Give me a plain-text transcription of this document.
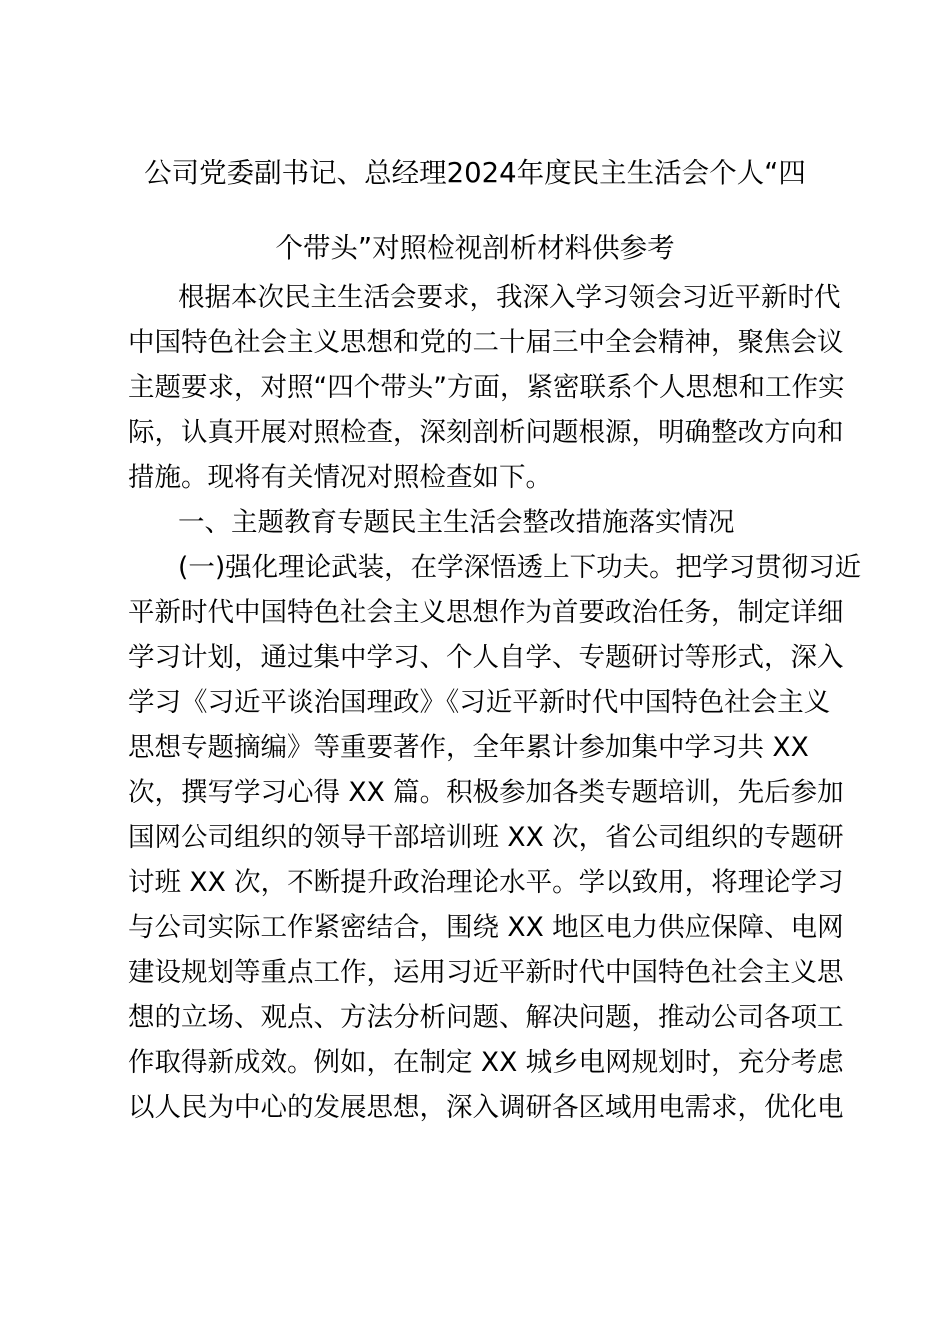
公司党委副书记、总经理2024年度民主生活会个人“四
个带头”对照检视剖析材料供参考
根据本次民主生活会要求，我深入学习领会习近平新时代
中国特色社会主义思想和党的二十届三中全会精神，聚焦会议
主题要求，对照“四个带头”方面，紧密联系个人思想和工作实
际，认真开展对照检查，深刻剖析问题根源，明确整改方向和
措施。现将有关情况对照检查如下。
一、主题教育专题民主生活会整改措施落实情况
(一)强化理论武装，在学深悟透上下功夫。把学习贯彻习近
平新时代中国特色社会主义思想作为首要政治任务，制定详细
学习计划，通过集中学习、个人自学、专题研讨等形式，深入
学习《习近平谈治国理政》《习近平新时代中国特色社会主义
思想专题摘编》等重要著作，全年累计参加集中学习共 XX
次，撰写学习心得 XX 篇。积极参加各类专题培训，先后参加
国网公司组织的领导干部培训班 XX 次，省公司组织的专题研
讨班 XX 次，不断提升政治理论水平。学以致用，将理论学习
与公司实际工作紧密结合，围绕 XX 地区电力供应保障、电网
建设规划等重点工作，运用习近平新时代中国特色社会主义思
想的立场、观点、方法分析问题、解决问题，推动公司各项工
作取得新成效。例如，在制定 XX 城乡电网规划时，充分考虑
以人民为中心的发展思想，深入调研各区域用电需求，优化电
